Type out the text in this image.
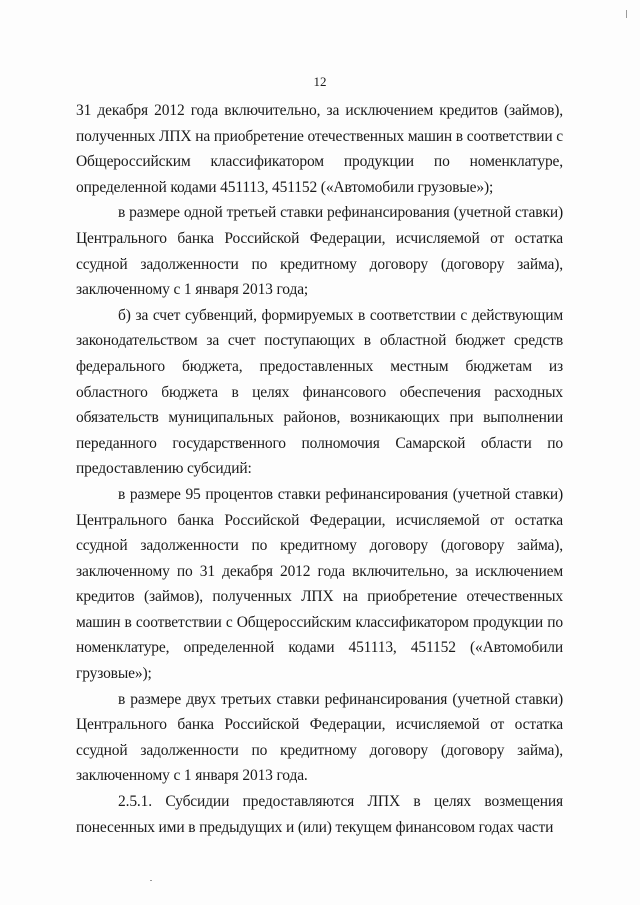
12

31 декабря 2012 года включительно, за исключением кредитов (займов), полученных ЛПХ на приобретение отечественных машин в соответствии с Общероссийским классификатором продукции по номенклатуре, определенной кодами 451113, 451152 («Автомобили грузовые»);

в размере одной третьей ставки рефинансирования (учетной ставки) Центрального банка Российской Федерации, исчисляемой от остатка ссудной задолженности по кредитному договору (договору займа), заключенному с 1 января 2013 года;

б) за счет субвенций, формируемых в соответствии с действующим законодательством за счет поступающих в областной бюджет средств федерального бюджета, предоставленных местным бюджетам из областного бюджета в целях финансового обеспечения расходных обязательств муниципальных районов, возникающих при выполнении переданного государственного полномочия Самарской области по предоставлению субсидий:

в размере 95 процентов ставки рефинансирования (учетной ставки) Центрального банка Российской Федерации, исчисляемой от остатка ссудной задолженности по кредитному договору (договору займа), заключенному по 31 декабря 2012 года включительно, за исключением кредитов (займов), полученных ЛПХ на приобретение отечественных машин в соответствии с Общероссийским классификатором продукции по номенклатуре, определенной кодами 451113, 451152 («Автомобили грузовые»);

в размере двух третьих ставки рефинансирования (учетной ставки) Центрального банка Российской Федерации, исчисляемой от остатка ссудной задолженности по кредитному договору (договору займа), заключенному с 1 января 2013 года.

2.5.1. Субсидии предоставляются ЛПХ в целях возмещения понесенных ими в предыдущих и (или) текущем финансовом годах части
